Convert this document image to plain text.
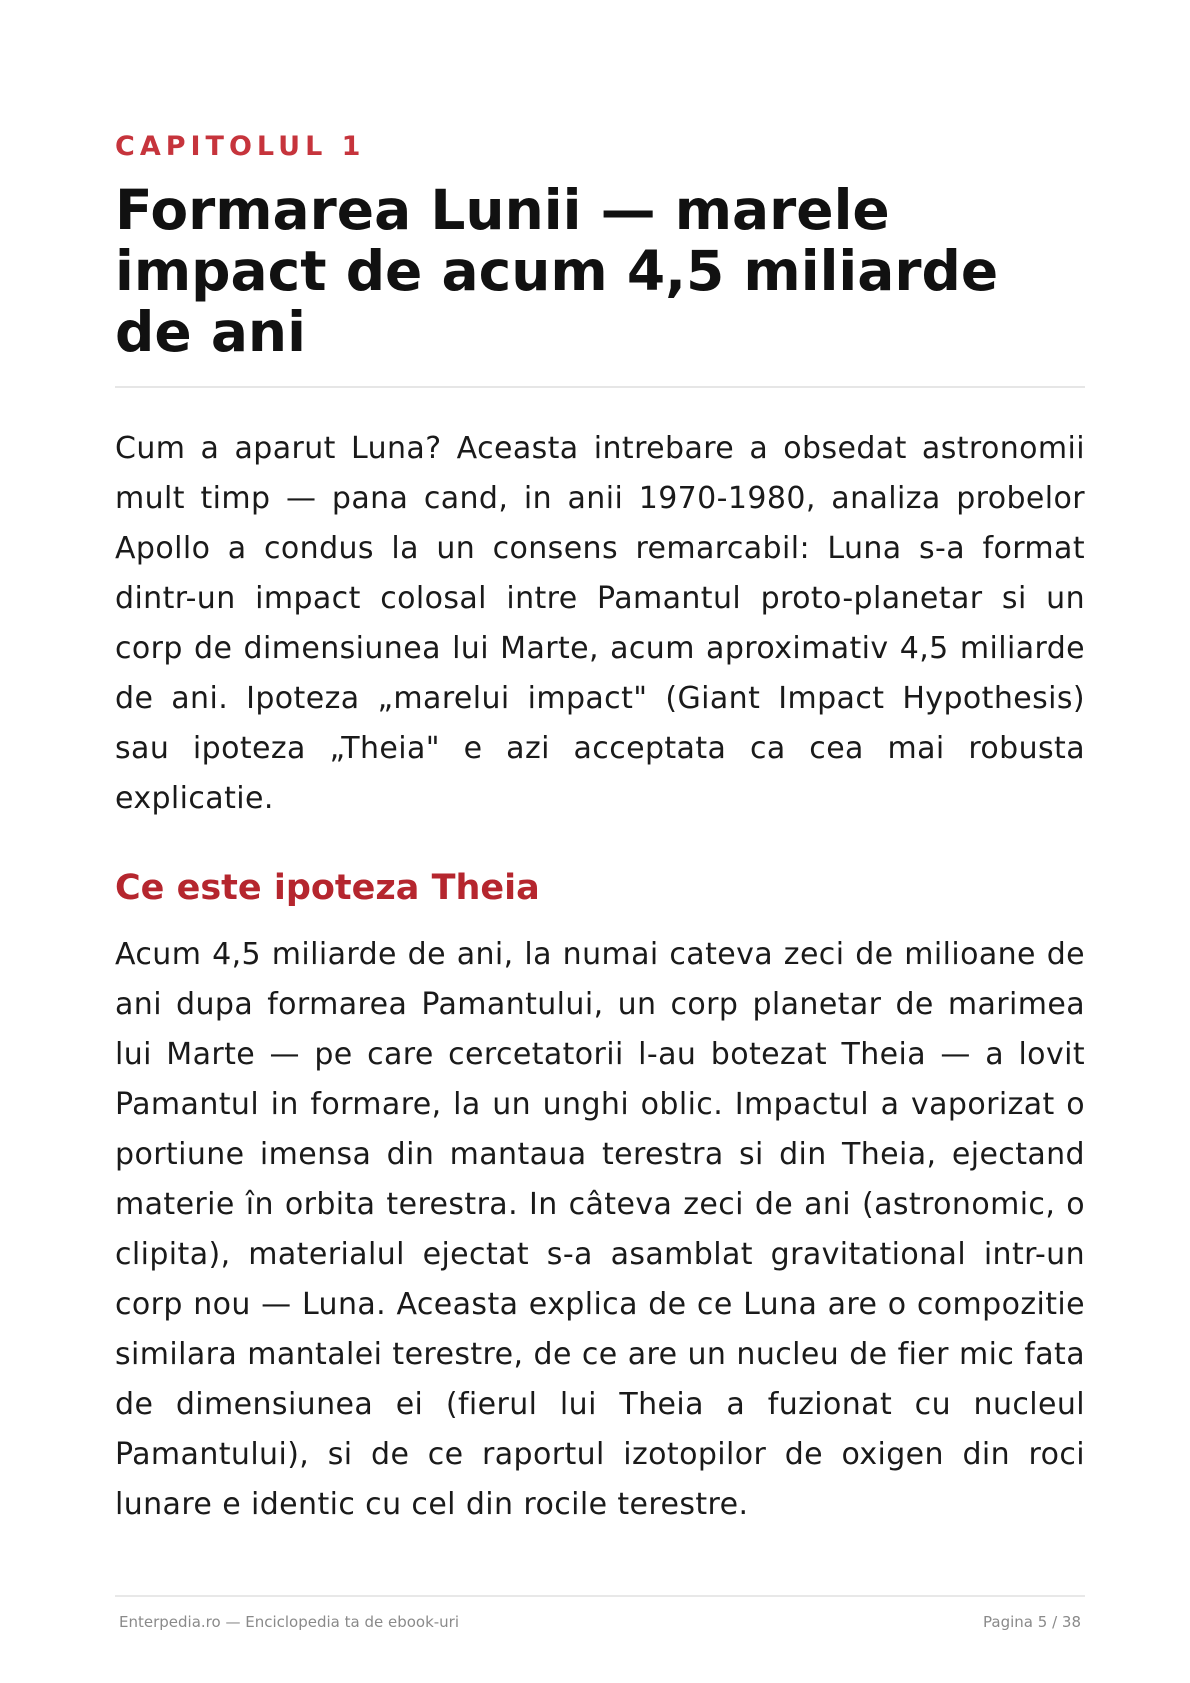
CAPITOLUL 1
Formarea Lunii — marele impact de acum 4,5 miliarde de ani

Cum a aparut Luna? Aceasta intrebare a obsedat astronomii mult timp — pana cand, in anii 1970-1980, analiza probelor Apollo a condus la un consens remarcabil: Luna s-a format dintr-un impact colosal intre Pamantul proto-planetar si un corp de dimensiunea lui Marte, acum aproximativ 4,5 miliarde de ani. Ipoteza „marelui impact" (Giant Impact Hypothesis) sau ipoteza „Theia" e azi acceptata ca cea mai robusta explicatie.

Ce este ipoteza Theia

Acum 4,5 miliarde de ani, la numai cateva zeci de milioane de ani dupa formarea Pamantului, un corp planetar de marimea lui Marte — pe care cercetatorii l-au botezat Theia — a lovit Pamantul in formare, la un unghi oblic. Impactul a vaporizat o portiune imensa din mantaua terestra si din Theia, ejectand materie în orbita terestra. In câteva zeci de ani (astronomic, o clipita), materialul ejectat s-a asamblat gravitational intr-un corp nou — Luna. Aceasta explica de ce Luna are o compozitie similara mantalei terestre, de ce are un nucleu de fier mic fata de dimensiunea ei (fierul lui Theia a fuzionat cu nucleul Pamantului), si de ce raportul izotopilor de oxigen din roci lunare e identic cu cel din rocile terestre.

Enterpedia.ro — Enciclopedia ta de ebook-uri	Pagina 5 / 38
